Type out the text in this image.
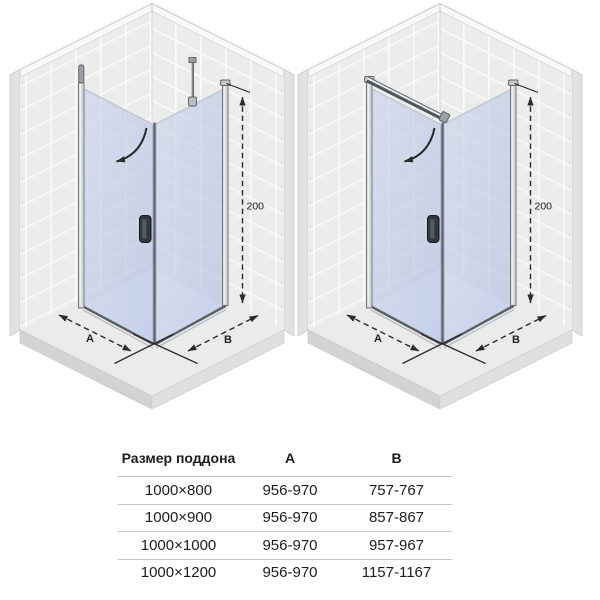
200
A	B
200
A	B
Размер поддона	A	B
1000×800	956-970	757-767
1000×900	956-970	857-867
1000×1000	956-970	957-967
1000×1200	956-970	1157-1167
